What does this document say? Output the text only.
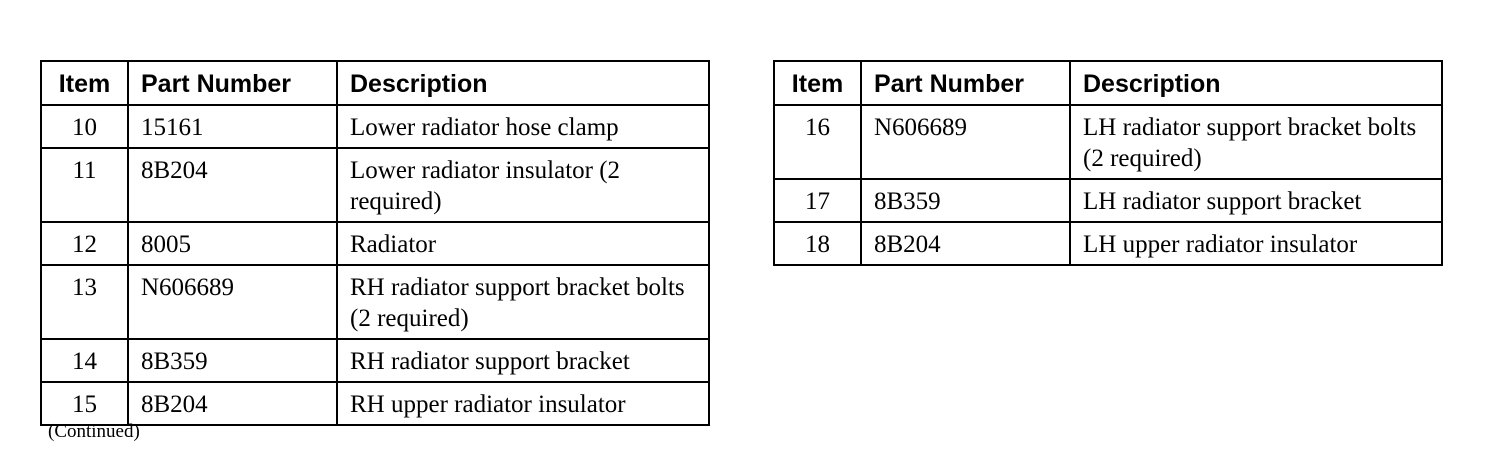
Item	Part Number	Description
10	15161	Lower radiator hose clamp
11	8B204	Lower radiator insulator (2 required)
12	8005	Radiator
13	N606689	RH radiator support bracket bolts (2 required)
14	8B359	RH radiator support bracket
15	8B204	RH upper radiator insulator
Item	Part Number	Description
16	N606689	LH radiator support bracket bolts (2 required)
17	8B359	LH radiator support bracket
18	8B204	LH upper radiator insulator
(Continued)
